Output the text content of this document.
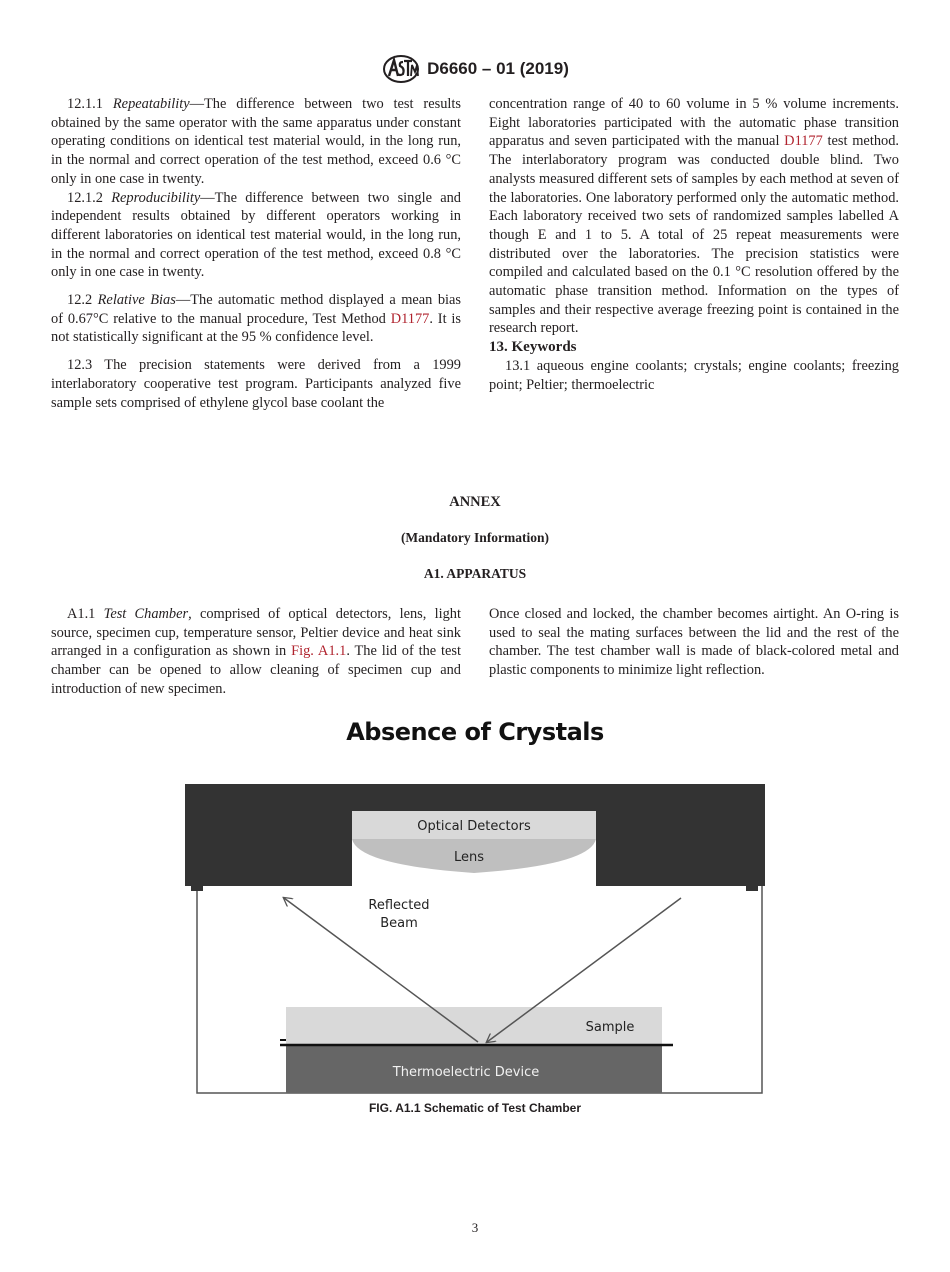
D6660 – 01 (2019)

12.1.1 Repeatability—The difference between two test results obtained by the same operator with the same apparatus under constant operating conditions on identical test material would, in the long run, in the normal and correct operation of the test method, exceed 0.6 °C only in one case in twenty.

12.1.2 Reproducibility—The difference between two single and independent results obtained by different operators working in different laboratories on identical test material would, in the long run, in the normal and correct operation of the test method, exceed 0.8 °C only in one case in twenty.

12.2 Relative Bias—The automatic method displayed a mean bias of 0.67°C relative to the manual procedure, Test Method D1177. It is not statistically significant at the 95 % confidence level.

12.3 The precision statements were derived from a 1999 interlaboratory cooperative test program. Participants analyzed five sample sets comprised of ethylene glycol base coolant the

concentration range of 40 to 60 volume in 5 % volume increments. Eight laboratories participated with the automatic phase transition apparatus and seven participated with the manual D1177 test method. The interlaboratory program was conducted double blind. Two analysts measured different sets of samples by each method at seven of the laboratories. One laboratory performed only the automatic method. Each laboratory received two sets of randomized samples labelled A though E and 1 to 5. A total of 25 repeat measurements were distributed over the laboratories. The precision statistics were compiled and calculated based on the 0.1 °C resolution offered by the automatic phase transition method. Information on the types of samples and their respective average freezing point is contained in the research report.

13. Keywords

13.1 aqueous engine coolants; crystals; engine coolants; freezing point; Peltier; thermoelectric

ANNEX
(Mandatory Information)
A1. APPARATUS

A1.1 Test Chamber, comprised of optical detectors, lens, light source, specimen cup, temperature sensor, Peltier device and heat sink arranged in a configuration as shown in Fig. A1.1. The lid of the test chamber can be opened to allow cleaning of specimen cup and introduction of new specimen.

Once closed and locked, the chamber becomes airtight. An O-ring is used to seal the mating surfaces between the lid and the rest of the chamber. The test chamber wall is made of black-colored metal and plastic components to minimize light reflection.

Absence of Crystals
Optical Detectors
Lens
Sample
Thermoelectric Device
Reflected
Beam
FIG. A1.1 Schematic of Test Chamber
3
